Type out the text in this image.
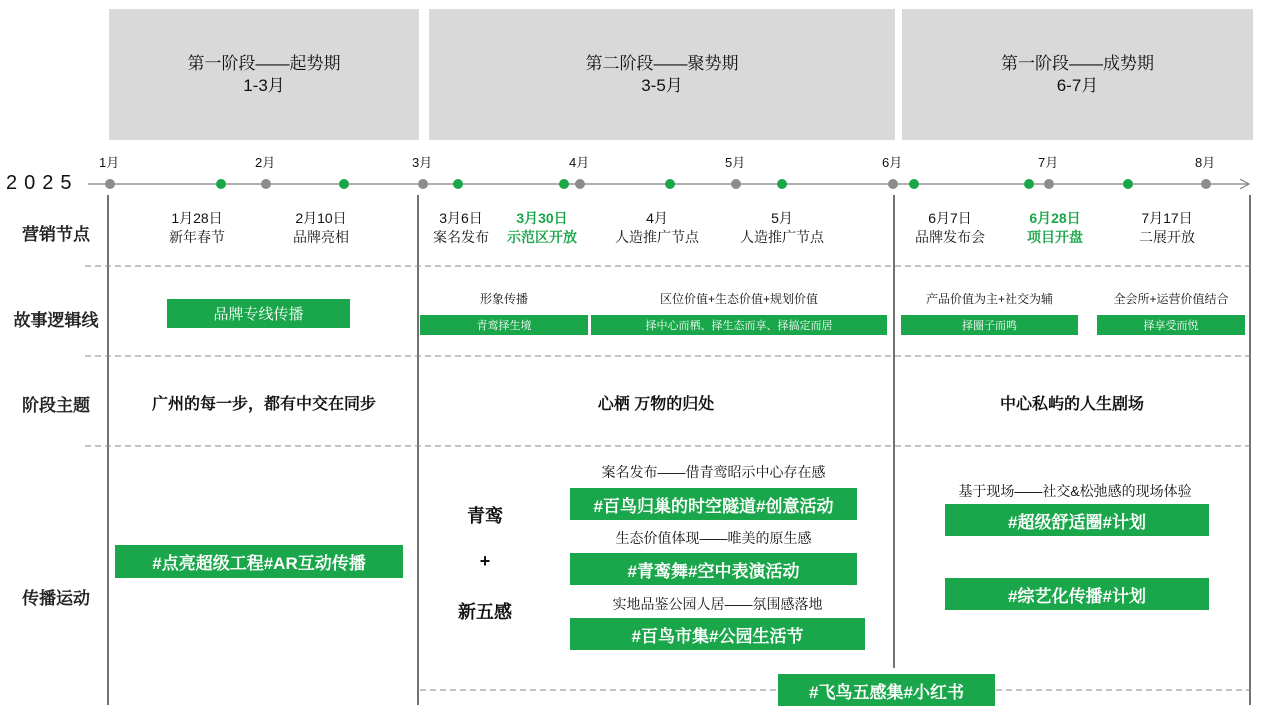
第一阶段——起势期
1-3月
第二阶段——聚势期
3-5月
第一阶段——成势期
6-7月
2025
1月	2月	3月	4月	5月	6月	7月	8月
营销节点
故事逻辑线
阶段主题
传播运动
1月28日
新年春节
2月10日
品牌亮相
3月6日
案名发布
3月30日
示范区开放
4月
人造推广节点
5月
人造推广节点
6月7日
品牌发布会
6月28日
项目开盘
7月17日
二展开放
品牌专线传播
形象传播
青鸾择生境
区位价值+生态价值+规划价值
择中心而栖、择生态而享、择搞定而居
产品价值为主+社交为辅
择圈子而鸣
全会所+运营价值结合
择享受而悦
广州的每一步，都有中交在同步	心栖 万物的归处	中心私屿的人生剧场
#点亮超级工程#AR互动传播
青鸾
+
新五感
案名发布——借青鸾昭示中心存在感
#百鸟归巢的时空隧道#创意活动
生态价值体现——唯美的原生感
#青鸾舞#空中表演活动
实地品鉴公园人居——氛围感落地
#百鸟市集#公园生活节
基于现场——社交&松弛感的现场体验
#超级舒适圈#计划
#综艺化传播#计划
#飞鸟五感集#小红书
